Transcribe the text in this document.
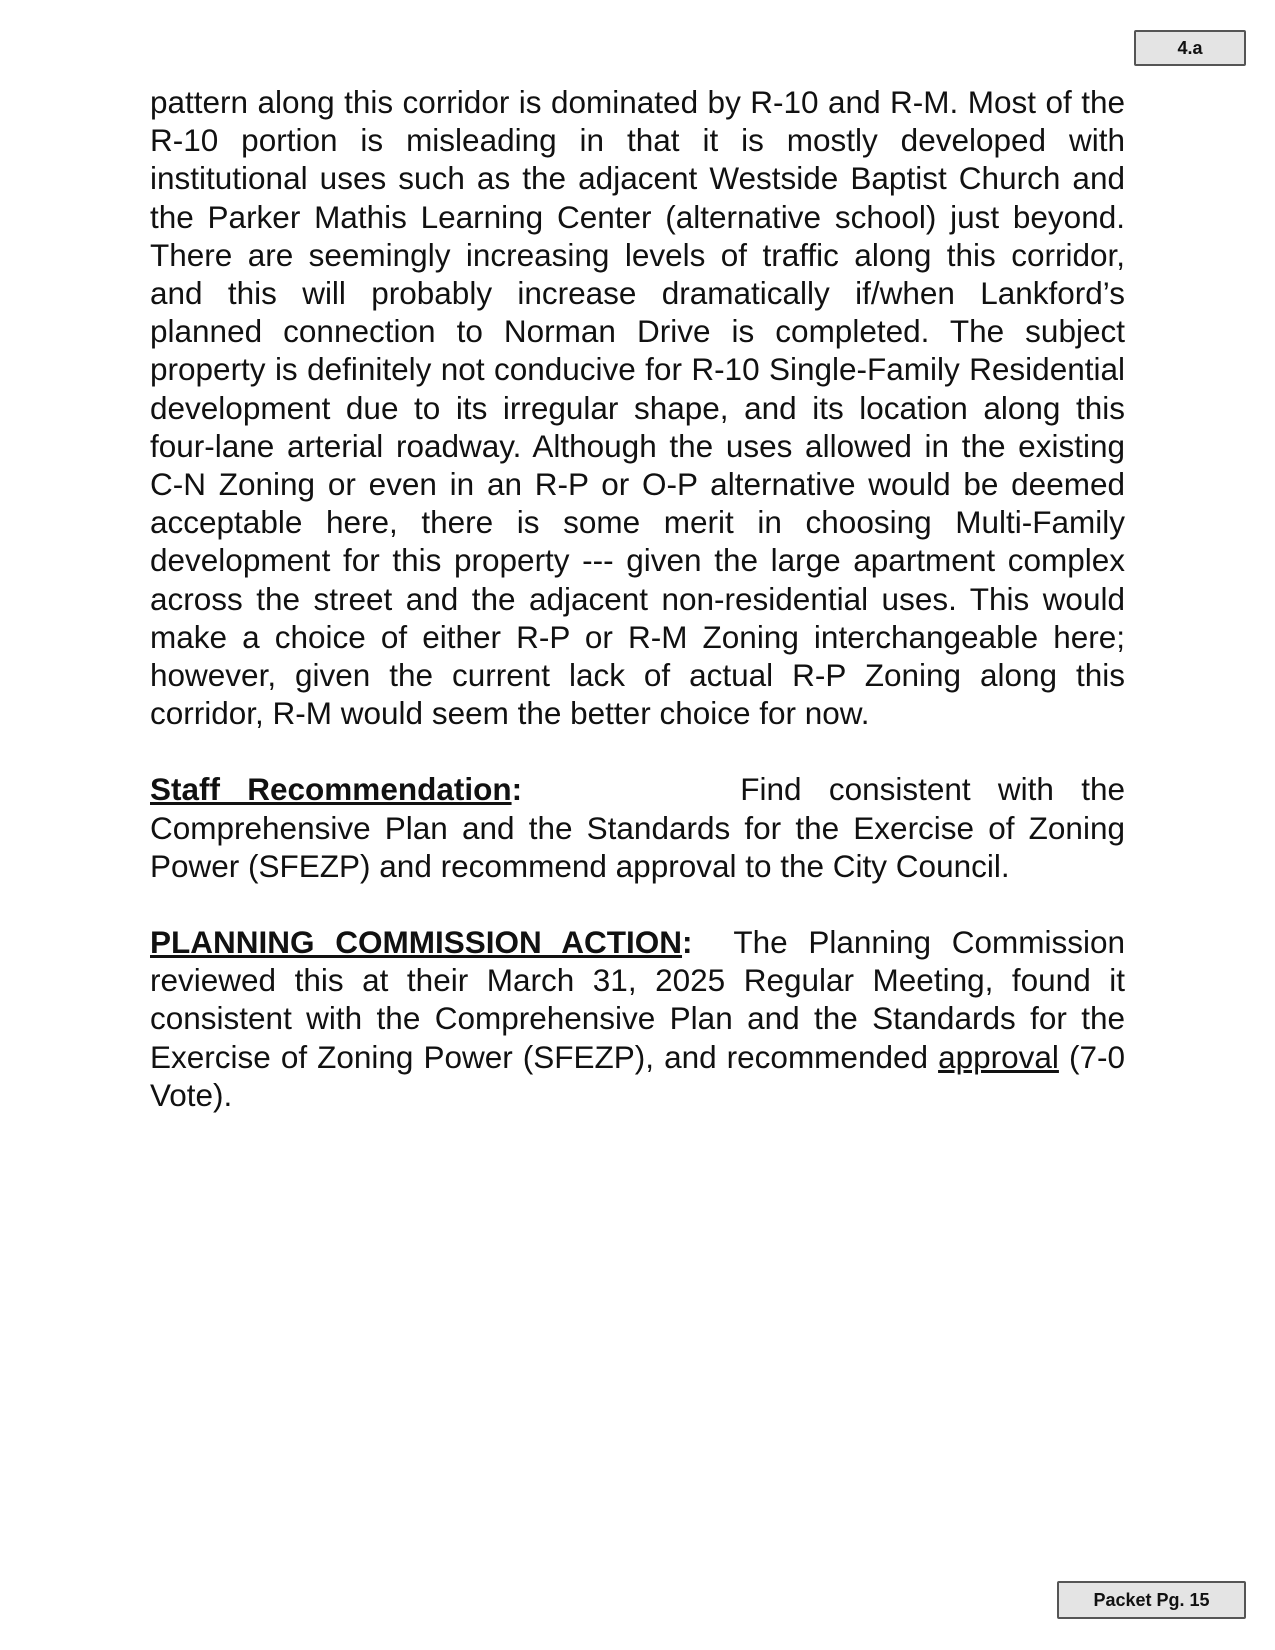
4.a

pattern along this corridor is dominated by R-10 and R-M. Most of the R-10 portion is misleading in that it is mostly developed with institutional uses such as the adjacent Westside Baptist Church and the Parker Mathis Learning Center (alternative school) just beyond. There are seemingly increasing levels of traffic along this corridor, and this will probably increase dramatically if/when Lankford’s planned connection to Norman Drive is completed. The subject property is definitely not conducive for R-10 Single-Family Residential development due to its irregular shape, and its location along this four-lane arterial roadway. Although the uses allowed in the existing C-N Zoning or even in an R-P or O-P alternative would be deemed acceptable here, there is some merit in choosing Multi-Family development for this property --- given the large apartment complex across the street and the adjacent non-residential uses. This would make a choice of either R-P or R-M Zoning interchangeable here; however, given the current lack of actual R-P Zoning along this corridor, R-M would seem the better choice for now.

Staff Recommendation:	Find consistent with the Comprehensive Plan and the Standards for the Exercise of Zoning Power (SFEZP) and recommend approval to the City Council.

PLANNING COMMISSION ACTION: The Planning Commission reviewed this at their March 31, 2025 Regular Meeting, found it consistent with the Comprehensive Plan and the Standards for the Exercise of Zoning Power (SFEZP), and recommended approval (7-0 Vote).

Packet Pg. 15
